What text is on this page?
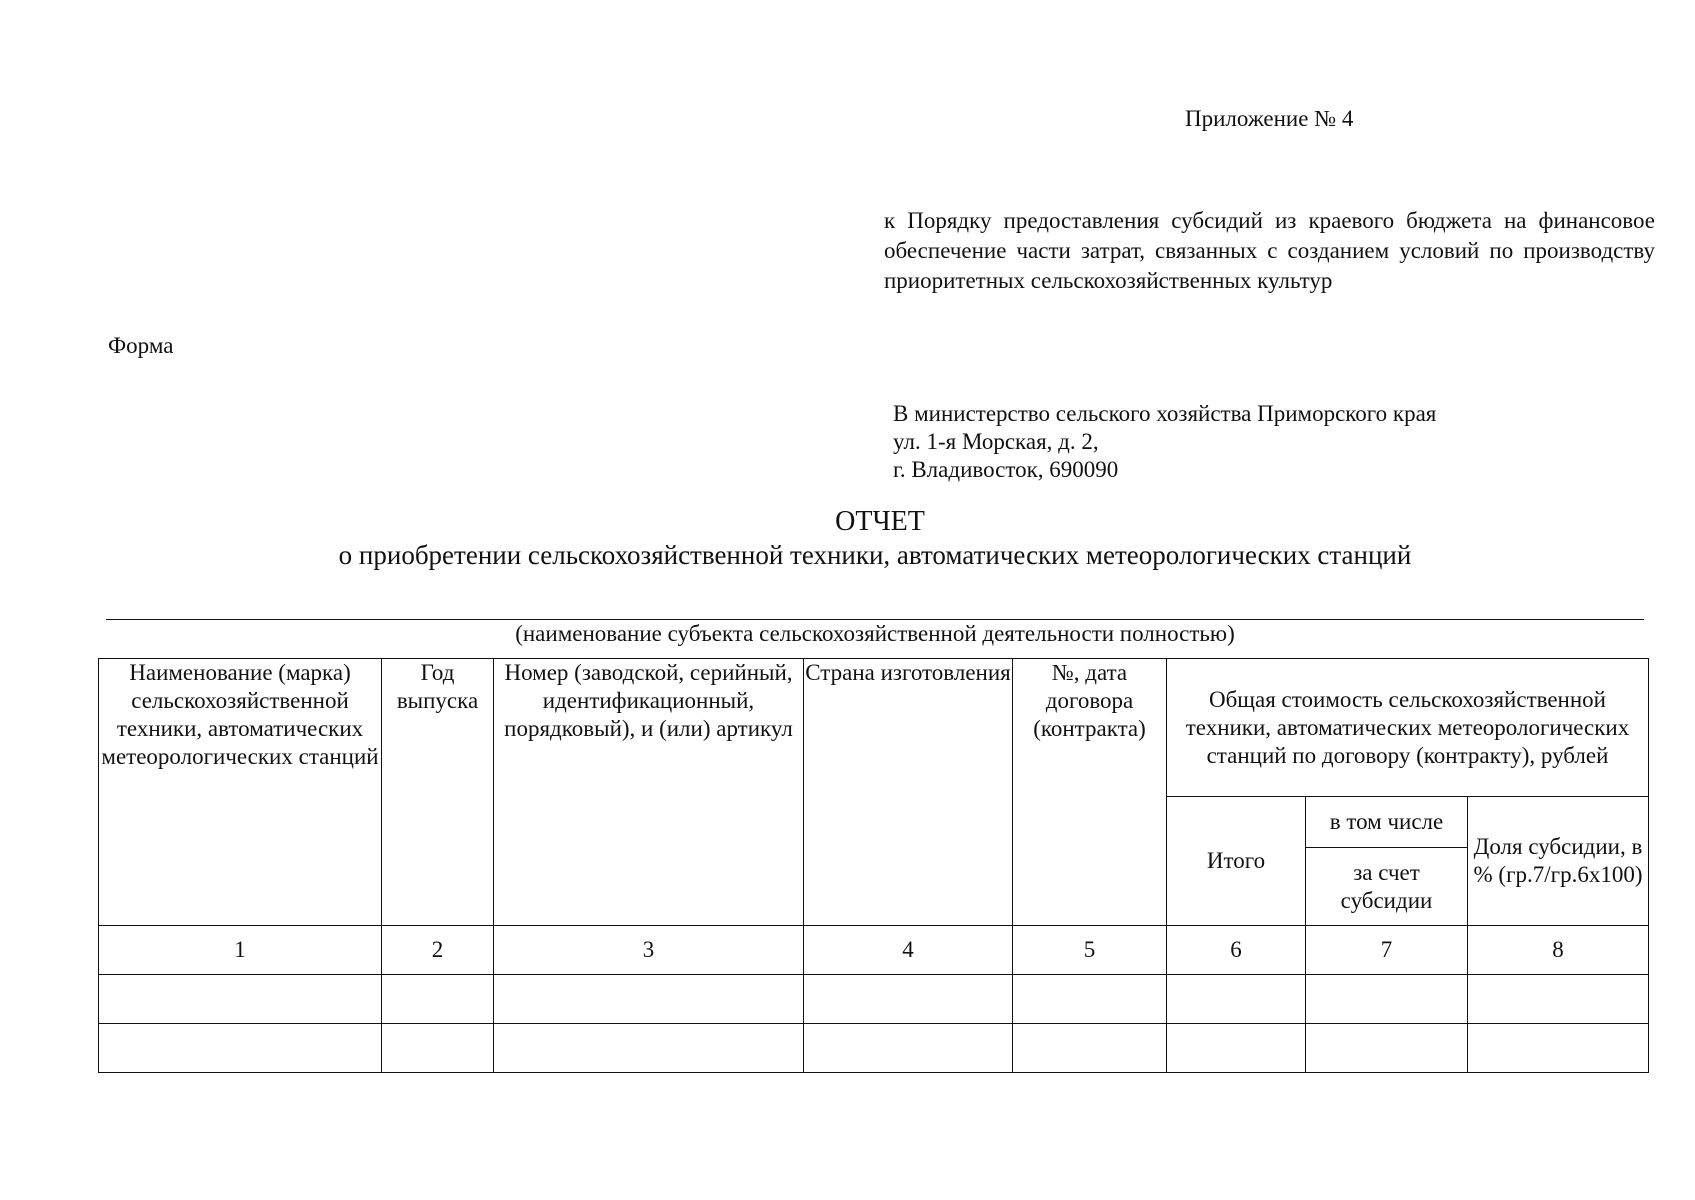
Приложение № 4
к Порядку предоставления субсидий из краевого бюджета на финансовое обеспечение части затрат, связанных с созданием условий по производству приоритетных сельскохозяйственных культур
Форма
В министерство сельского хозяйства Приморского края
ул. 1-я Морская, д. 2,
г. Владивосток, 690090
ОТЧЕТ
о приобретении сельскохозяйственной техники, автоматических метеорологических станций
(наименование субъекта сельскохозяйственной деятельности полностью)
Наименование (марка) сельскохозяйственной техники, автоматических метеорологических станций	Год выпуска	Номер (заводской, серийный, идентификационный, порядковый), и (или) артикул	Страна изготовления	№, дата договора (контракта)	Общая стоимость сельскохозяйственной техники, автоматических метеорологических станций по договору (контракту), рублей		
					Итого	в том числе	Доля субсидии, в % (гр.7/гр.6x100)
						за счет субсидии	
1	2	3	4	5	6	7	8
